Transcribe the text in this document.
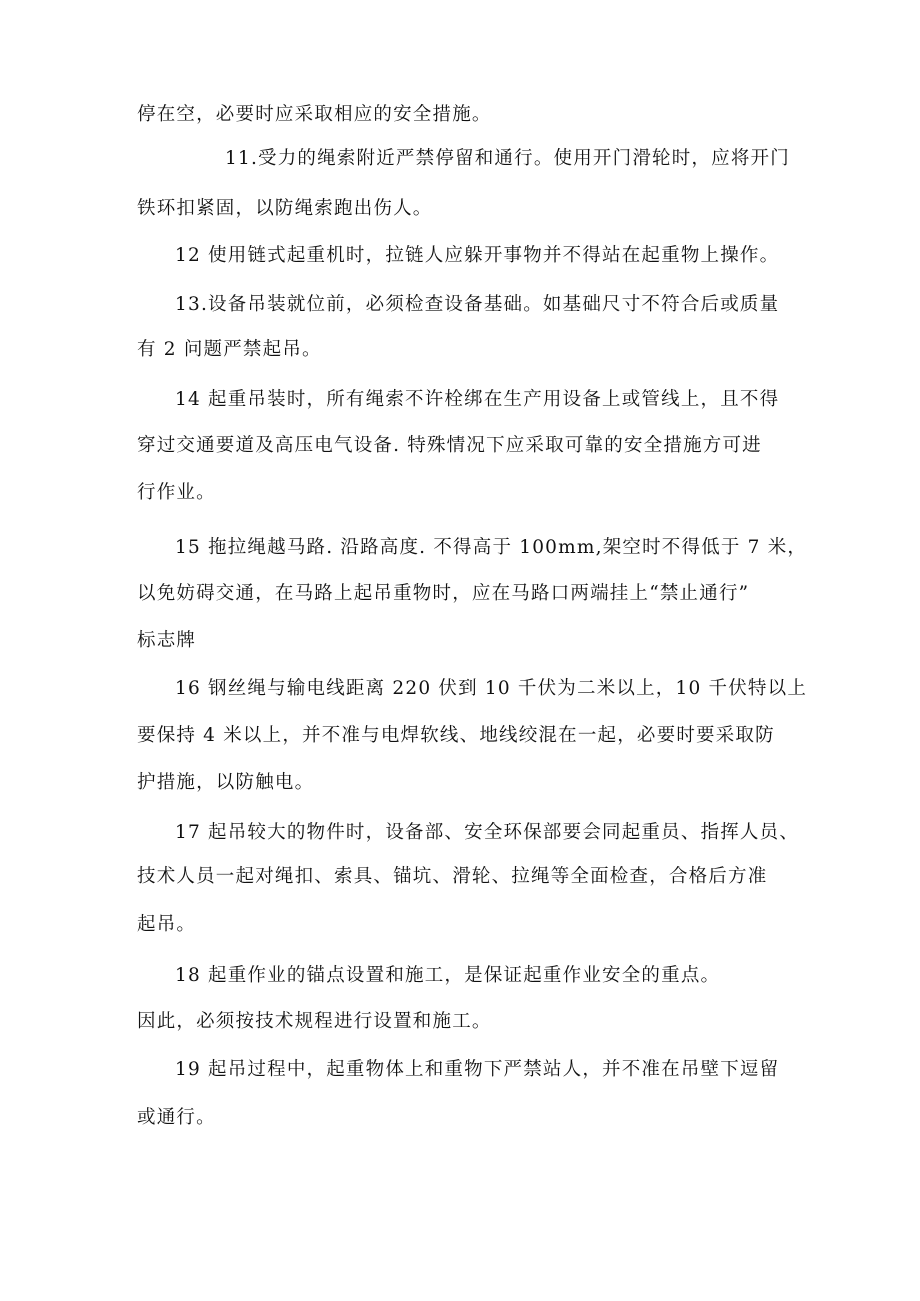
停在空，必要时应采取相应的安全措施。
11.受力的绳索附近严禁停留和通行。使用开门滑轮时，应将开门
铁环扣紧固，以防绳索跑出伤人。
12 使用链式起重机时，拉链人应躲开事物并不得站在起重物上操作。
13.设备吊装就位前，必须检查设备基础。如基础尺寸不符合后或质量
有 2 问题严禁起吊。
14 起重吊装时，所有绳索不许栓绑在生产用设备上或管线上，且不得
穿过交通要道及高压电气设备. 特殊情况下应采取可靠的安全措施方可进
行作业。
15 拖拉绳越马路. 沿路高度. 不得高于 100mm,架空时不得低于 7 米，
以免妨碍交通，在马路上起吊重物时，应在马路口两端挂上“禁止通行”
标志牌
16 钢丝绳与输电线距离 220 伏到 10 千伏为二米以上，10 千伏特以上
要保持 4 米以上，并不准与电焊软线、地线绞混在一起，必要时要采取防
护措施，以防触电。
17 起吊较大的物件时，设备部、安全环保部要会同起重员、指挥人员、
技术人员一起对绳扣、索具、锚坑、滑轮、拉绳等全面检查，合格后方准
起吊。
18 起重作业的锚点设置和施工，是保证起重作业安全的重点。
因此，必须按技术规程进行设置和施工。
19 起吊过程中，起重物体上和重物下严禁站人，并不准在吊壁下逗留
或通行。
